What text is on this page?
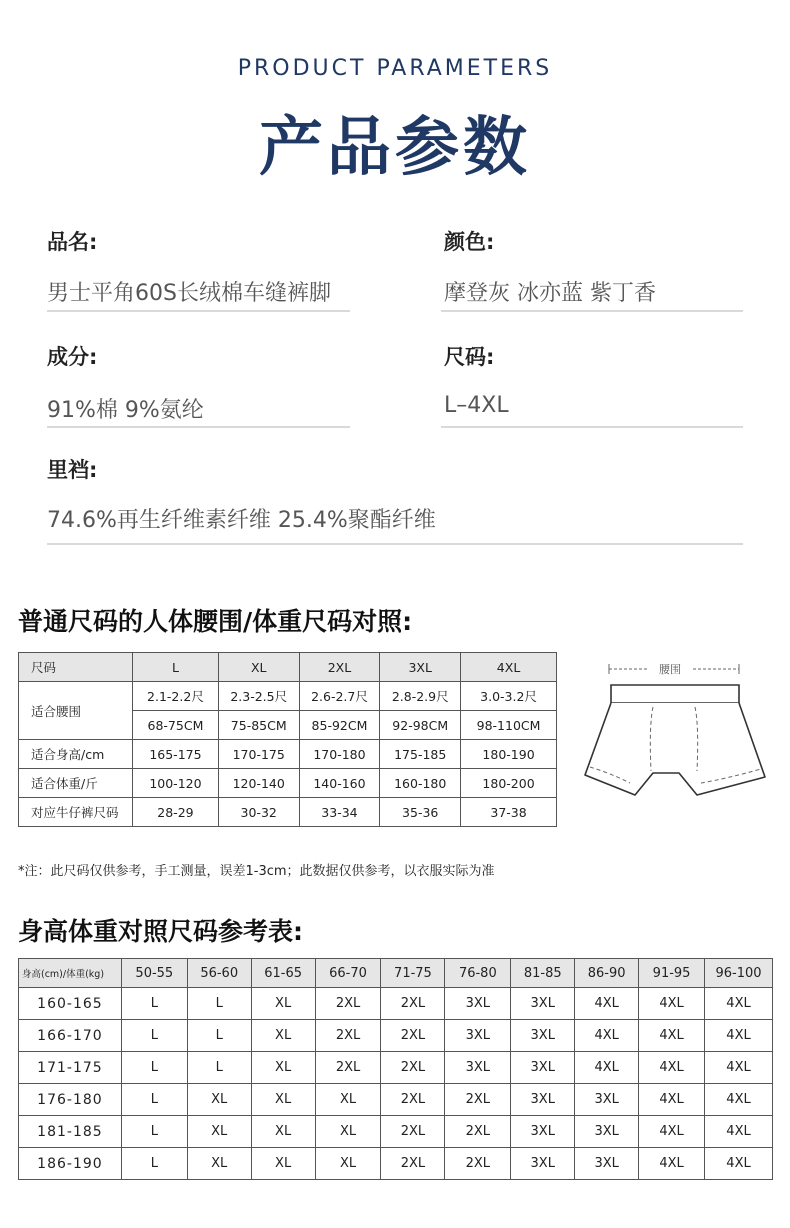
PRODUCT PARAMETERS
产品参数
品名:
男士平角60S长绒棉车缝裤脚
颜色:
摩登灰 冰亦蓝 紫丁香
成分:
91%棉 9%氨纶
尺码:
L–4XL
里裆:
74.6%再生纤维素纤维 25.4%聚酯纤维
普通尺码的人体腰围/体重尺码对照:
尺码	L	XL	2XL	3XL	4XL
适合腰围	2.1-2.2尺	2.3-2.5尺	2.6-2.7尺	2.8-2.9尺	3.0-3.2尺
	68-75CM	75-85CM	85-92CM	92-98CM	98-110CM
适合身高/cm	165-175	170-175	170-180	175-185	180-190
适合体重/斤	100-120	120-140	140-160	160-180	180-200
对应牛仔裤尺码	28-29	30-32	33-34	35-36	37-38
腰围
*注：此尺码仅供参考，手工测量，误差1-3cm；此数据仅供参考，以衣服实际为准
身高体重对照尺码参考表:
身高(cm)/体重(kg)	50-55	56-60	61-65	66-70	71-75	76-80	81-85	86-90	91-95	96-100
160-165	L	L	XL	2XL	2XL	3XL	3XL	4XL	4XL	4XL
166-170	L	L	XL	2XL	2XL	3XL	3XL	4XL	4XL	4XL
171-175	L	L	XL	2XL	2XL	3XL	3XL	4XL	4XL	4XL
176-180	L	XL	XL	XL	2XL	2XL	3XL	3XL	4XL	4XL
181-185	L	XL	XL	XL	2XL	2XL	3XL	3XL	4XL	4XL
186-190	L	XL	XL	XL	2XL	2XL	3XL	3XL	4XL	4XL
